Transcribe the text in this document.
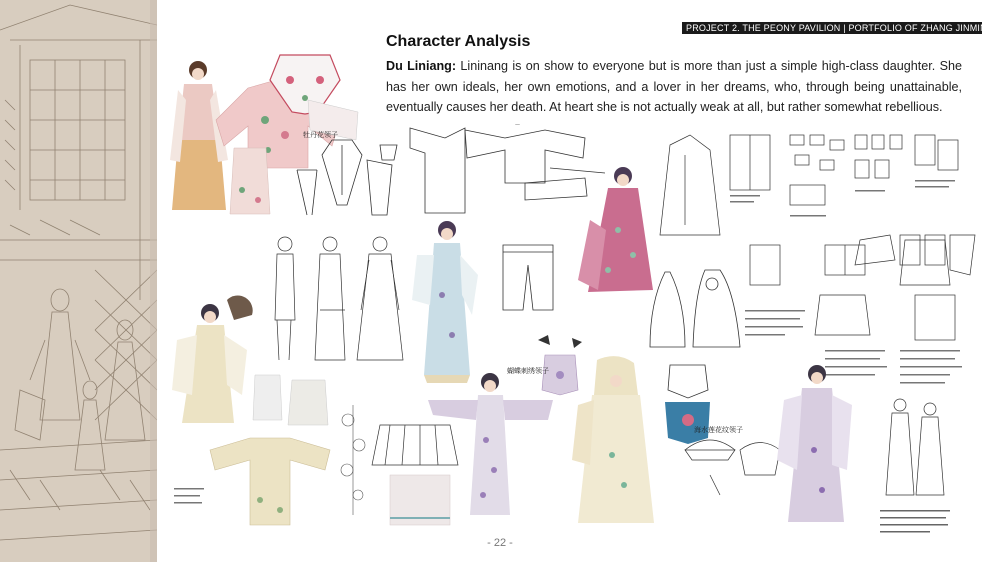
PROJECT 2. THE PEONY PAVILION | PORTFOLIO OF ZHANG JINMING
Character Analysis
Du Liniang: Lininang is on show to everyone but is more than just a simple high-class daughter. She has her own ideals, her own emotions, and a lover in her dreams, who, through being unattainable, eventually causes her death. At heart she is not actually weak at all, but rather somewhat rebellious.
牡丹花领子
—
蝴蝶刺绣领子
海水莲花纹领子
- 22 -
